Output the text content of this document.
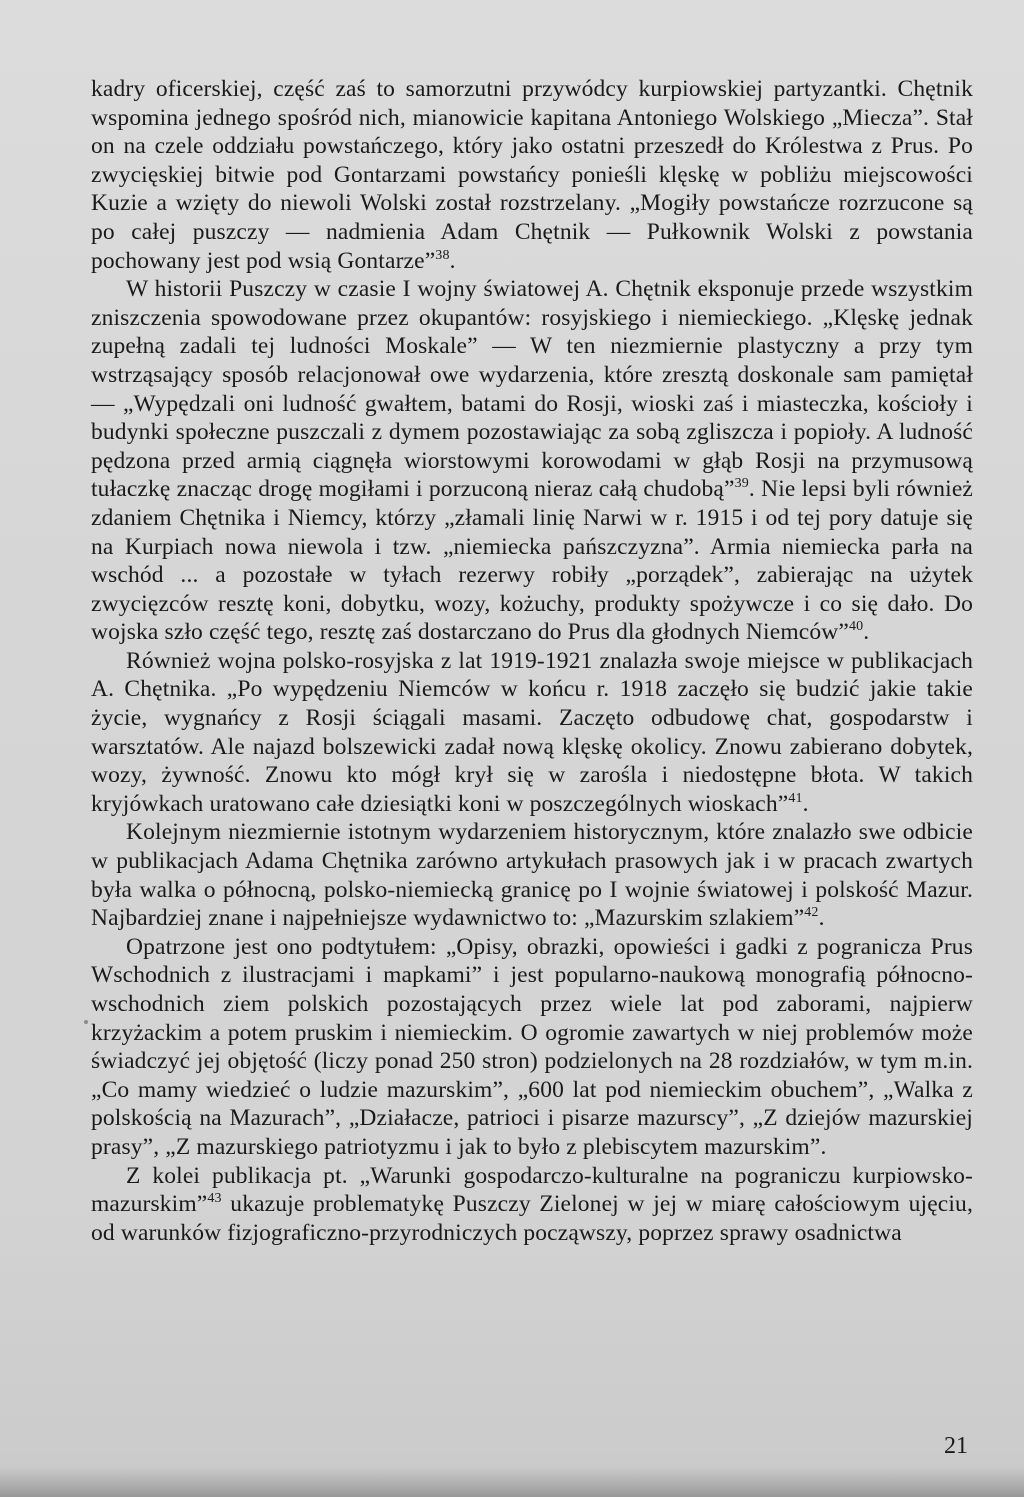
kadry oficerskiej, część zaś to samorzutni przywódcy kurpiowskiej partyzantki. Chętnik wspomina jednego spośród nich, mianowicie kapitana Antoniego Wolskiego „Miecza”. Stał on na czele oddziału powstańczego, który jako ostatni przeszedł do Królestwa z Prus. Po zwycięskiej bitwie pod Gontarzami powstańcy ponieśli klęskę w pobliżu miejscowości Kuzie a wzięty do niewoli Wolski został rozstrzelany. „Mogiły powstańcze rozrzucone są po całej puszczy — nadmienia Adam Chętnik — Pułkownik Wolski z powstania pochowany jest pod wsią Gontarze”$^{38}$.

W historii Puszczy w czasie I wojny światowej A. Chętnik eksponuje przede wszystkim zniszczenia spowodowane przez okupantów: rosyjskiego i niemieckiego. „Klęskę jednak zupełną zadali tej ludności Moskale” — W ten niezmiernie plastyczny a przy tym wstrząsający sposób relacjonował owe wydarzenia, które zresztą doskonale sam pamiętał — „Wypędzali oni ludność gwałtem, batami do Rosji, wioski zaś i miasteczka, kościoły i budynki społeczne puszczali z dymem pozostawiając za sobą zgliszcza i popioły. A ludność pędzona przed armią ciągnęła wiorstowymi korowodami w głąb Rosji na przymusową tułaczkę znacząc drogę mogiłami i porzuconą nieraz całą chudobą”$^{39}$. Nie lepsi byli również zdaniem Chętnika i Niemcy, którzy „złamali linię Narwi w r. 1915 i od tej pory datuje się na Kurpiach nowa niewola i tzw. „niemiecka pańszczyzna”. Armia niemiecka parła na wschód ... a pozostałe w tyłach rezerwy robiły „porządek”, zabierając na użytek zwycięzców resztę koni, dobytku, wozy, kożuchy, produkty spożywcze i co się dało. Do wojska szło część tego, resztę zaś dostarczano do Prus dla głodnych Niemców”$^{40}$.

Również wojna polsko-rosyjska z lat 1919-1921 znalazła swoje miejsce w publikacjach A. Chętnika. „Po wypędzeniu Niemców w końcu r. 1918 zaczęło się budzić jakie takie życie, wygnańcy z Rosji ściągali masami. Zaczęto odbudowę chat, gospodarstw i warsztatów. Ale najazd bolszewicki zadał nową klęskę okolicy. Znowu zabierano dobytek, wozy, żywność. Znowu kto mógł krył się w zarośla i niedostępne błota. W takich kryjówkach uratowano całe dziesiątki koni w poszczególnych wioskach”$^{41}$.

Kolejnym niezmiernie istotnym wydarzeniem historycznym, które znalazło swe odbicie w publikacjach Adama Chętnika zarówno artykułach prasowych jak i w pracach zwartych była walka o północną, polsko-niemiecką granicę po I wojnie światowej i polskość Mazur. Najbardziej znane i najpełniejsze wydawnictwo to: „Mazurskim szlakiem”$^{42}$.

Opatrzone jest ono podtytułem: „Opisy, obrazki, opowieści i gadki z pogranicza Prus Wschodnich z ilustracjami i mapkami” i jest popularno-naukową monografią północno-wschodnich ziem polskich pozostających przez wiele lat pod zaborami, najpierw krzyżackim a potem pruskim i niemieckim. O ogromie zawartych w niej problemów może świadczyć jej objętość (liczy ponad 250 stron) podzielonych na 28 rozdziałów, w tym m.in. „Co mamy wiedzieć o ludzie mazurskim”, „600 lat pod niemieckim obuchem”, „Walka z polskością na Mazurach”, „Działacze, patrioci i pisarze mazurscy”, „Z dziejów mazurskiej prasy”, „Z mazurskiego patriotyzmu i jak to było z plebiscytem mazurskim”.

Z kolei publikacja pt. „Warunki gospodarczo-kulturalne na pograniczu kurpiowsko-mazurskim”$^{43}$ ukazuje problematykę Puszczy Zielonej w jej w miarę całościowym ujęciu, od warunków fizjograficzno-przyrodniczych począwszy, poprzez sprawy osadnictwa

21
